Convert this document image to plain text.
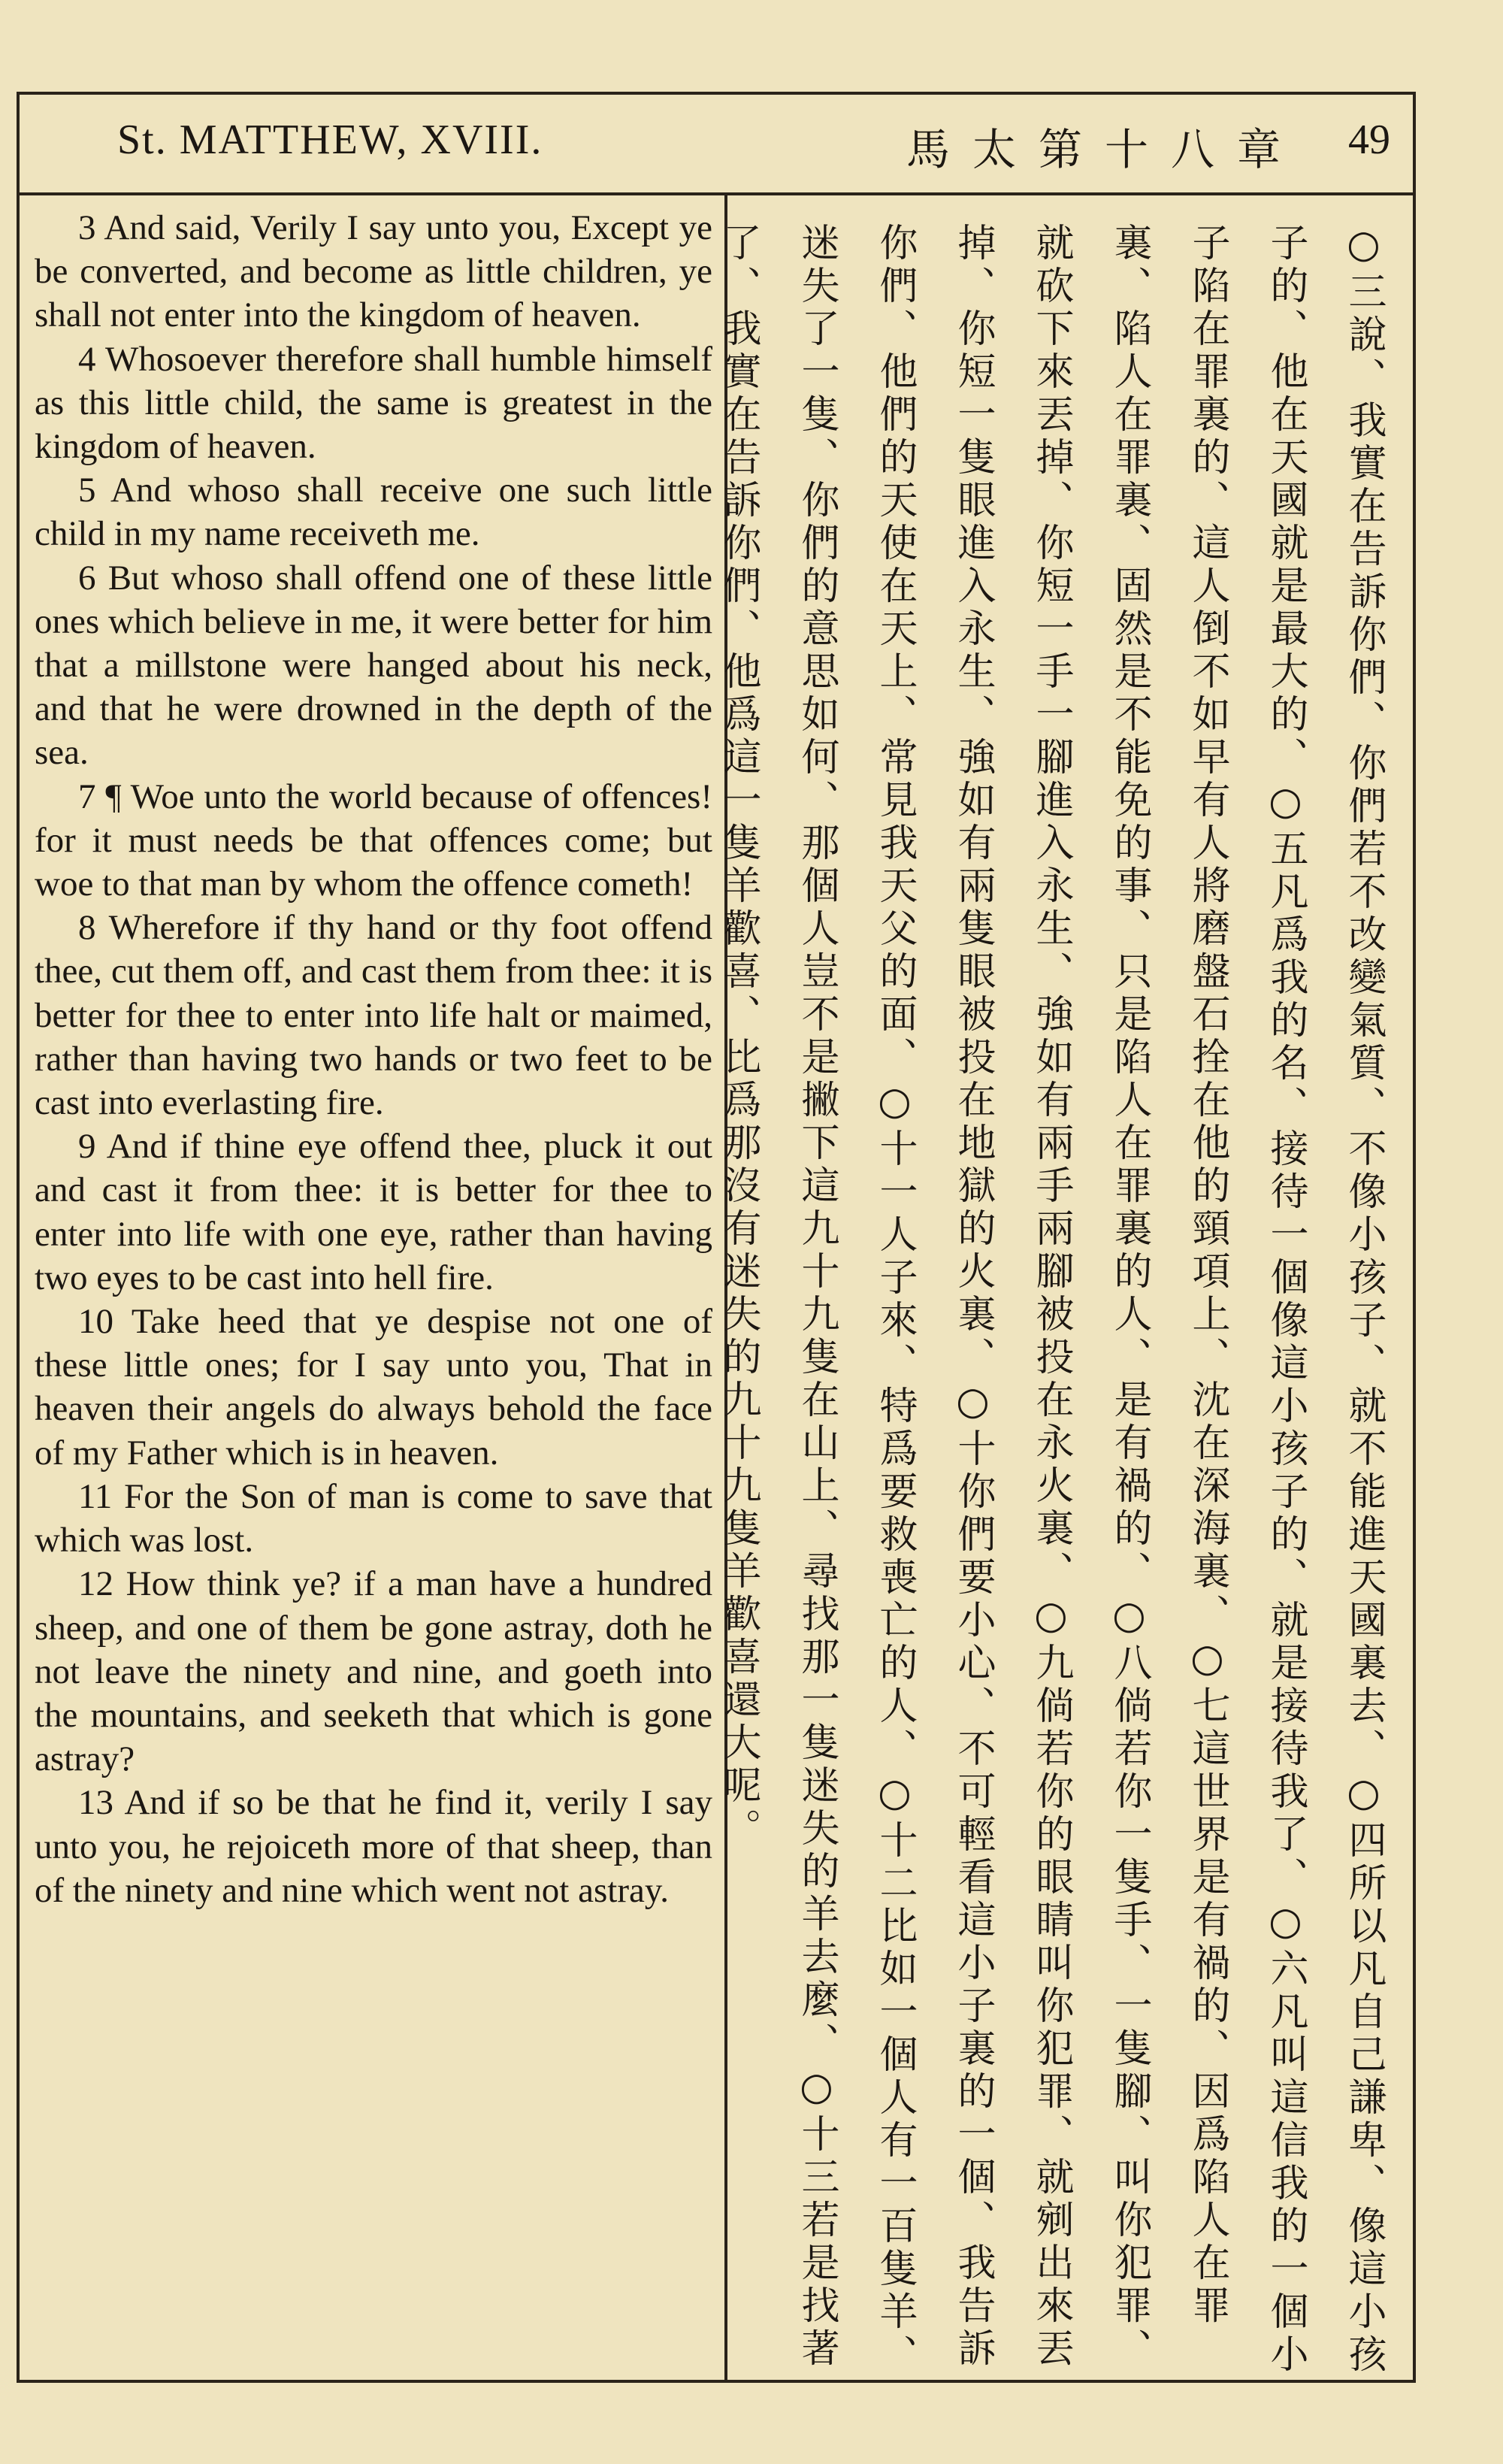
St. MATTHEW, XVIII.	馬太第十八章 49

3 And said, Verily I say unto you, Except ye be converted, and become as little children, ye shall not enter into the kingdom of heaven.

4 Whosoever therefore shall humble himself as this little child, the same is greatest in the kingdom of heaven.

5 And whoso shall receive one such little child in my name receiveth me.

6 But whoso shall offend one of these little ones which believe in me, it were better for him that a millstone were hanged about his neck, and that he were drowned in the depth of the sea.

7 ¶ Woe unto the world because of offences! for it must needs be that offences come; but woe to that man by whom the offence cometh!

8 Wherefore if thy hand or thy foot offend thee, cut them off, and cast them from thee: it is better for thee to enter into life halt or maimed, rather than having two hands or two feet to be cast into everlasting fire.

9 And if thine eye offend thee, pluck it out and cast it from thee: it is better for thee to enter into life with one eye, rather than having two eyes to be cast into hell fire.

10 Take heed that ye despise not one of these little ones; for I say unto you, That in heaven their angels do always behold the face of my Father which is in heaven.

11 For the Son of man is come to save that which was lost.

12 How think ye? if a man have a hundred sheep, and one of them be gone astray, doth he not leave the ninety and nine, and goeth into the mountains, and seeketh that which is gone astray?

13 And if so be that he find it, verily I say unto you, he rejoiceth more of that sheep, than of the ninety and nine which went not astray.	○三說、我實在告訴你們、你們若不改變氣質、不像小孩子、就不能進天國裏去、○四所以凡自己謙卑、像這小孩子的、他在天國就是最大的、○五凡爲我的名、接待一個像這小孩子的、就是接待我了、○六凡叫這信我的一個小子陷在罪裏的、這人倒不如早有人將磨盤石拴在他的頸項上、沈在深海裏、○七這世界是有禍的、因爲陷人在罪裏、陷人在罪裏、固然是不能免的事、只是陷人在罪裏的人、是有禍的、○八倘若你一隻手、一隻腳、叫你犯罪、就砍下來丟掉、你短一手一腳進入永生、強如有兩手兩腳被投在永火裏、○九倘若你的眼睛叫你犯罪、就剜出來丟掉、你短一隻眼進入永生、強如有兩隻眼被投在地獄的火裏、○十你們要小心、不可輕看這小子裏的一個、我告訴你們、他們的天使在天上、常見我天父的面、○十一人子來、特爲要救喪亡的人、○十二比如一個人有一百隻羊、迷失了一隻、你們的意思如何、那個人豈不是撇下這九十九隻在山上、尋找那一隻迷失的羊去麼、○十三若是找著了、我實在告訴你們、他爲這一隻羊歡喜、比爲那沒有迷失的九十九隻羊歡喜還大呢。
